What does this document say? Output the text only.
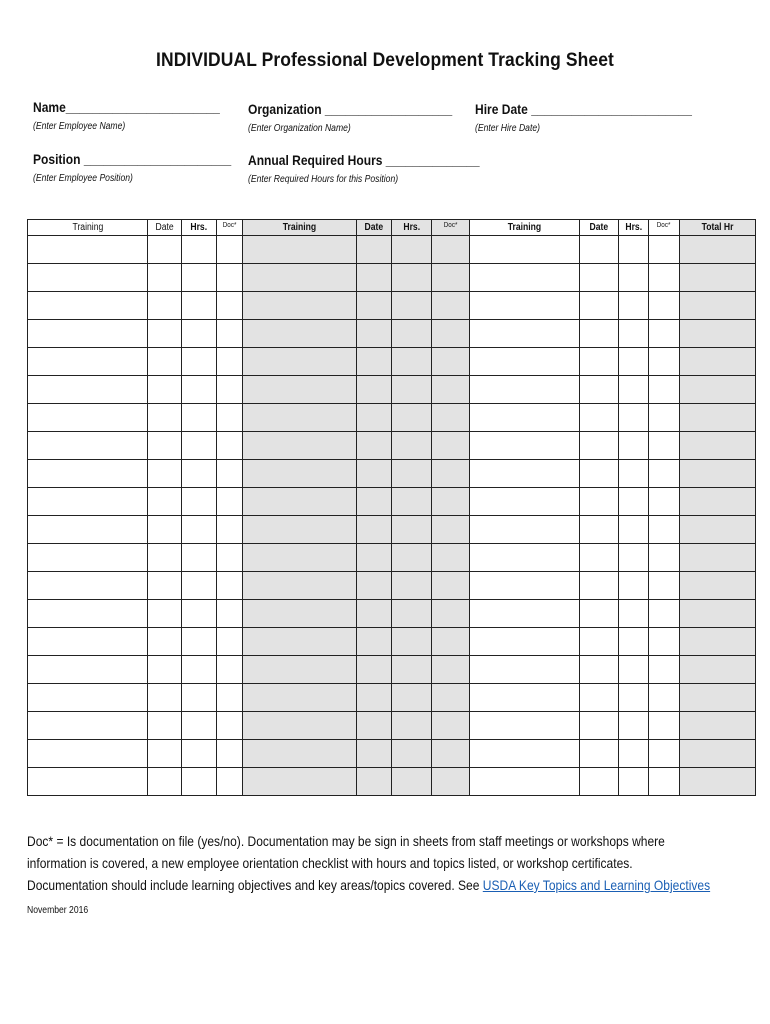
INDIVIDUAL Professional Development Tracking Sheet
Name_______________________
(Enter Employee Name)
Organization ___________________
(Enter Organization Name)
Hire Date ________________________
(Enter Hire Date)
Position ______________________
(Enter Employee Position)
Annual Required Hours ______________
(Enter Required Hours for this Position)
Training	Date	Hrs.	Doc*	Training	Date	Hrs.	Doc*	Training	Date	Hrs.	Doc*	Total Hr

Doc* = Is documentation on file (yes/no). Documentation may be sign in sheets from staff meetings or workshops where information is covered, a new employee orientation checklist with hours and topics listed, or workshop certificates. Documentation should include learning objectives and key areas/topics covered. See USDA Key Topics and Learning Objectives
November 2016
